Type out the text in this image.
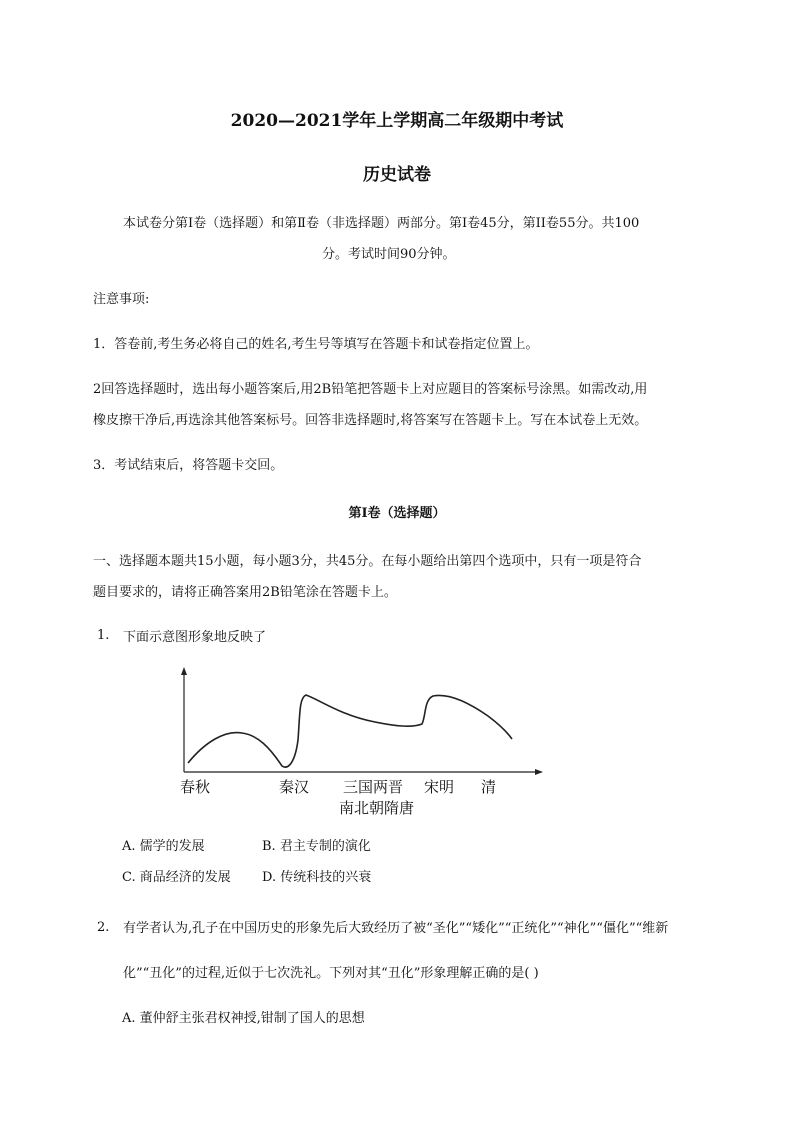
2020—2021学年上学期高二年级期中考试
历史试卷
本试卷分第Ⅰ卷（选择题）和第Ⅱ卷（非选择题）两部分。第Ⅰ卷45分，第II卷55分。共100
分。考试时间90分钟。
注意事项:
1．答卷前,考生务必将自己的姓名,考生号等填写在答题卡和试卷指定位置上。
2回答选择题时，选出每小题答案后,用2B铅笔把答题卡上对应题目的答案标号涂黑。如需改动,用
橡皮擦干净后,再选涂其他答案标号。回答非选择题时,将答案写在答题卡上。写在本试卷上无效。
3．考试结束后，将答题卡交回。
第Ⅰ卷（选择题）
一、选择题本题共15小题，每小题3分，共45分。在每小题给出第四个选项中，只有一项是符合
题目要求的，请将正确答案用2B铅笔涂在答题卡上。
1. 下面示意图形象地反映了
春秋	秦汉 三国两晋 宋明 清
南北朝隋唐
A. 儒学的发展	B. 君主专制的演化
C. 商品经济的发展 D. 传统科技的兴衰
2. 有学者认为,孔子在中国历史的形象先后大致经历了被“圣化”“矮化”“正统化”“神化”“僵化”“维新
化”“丑化”的过程,近似于七次洗礼。下列对其“丑化”形象理解正确的是( )
A. 董仲舒主张君权神授,钳制了国人的思想
